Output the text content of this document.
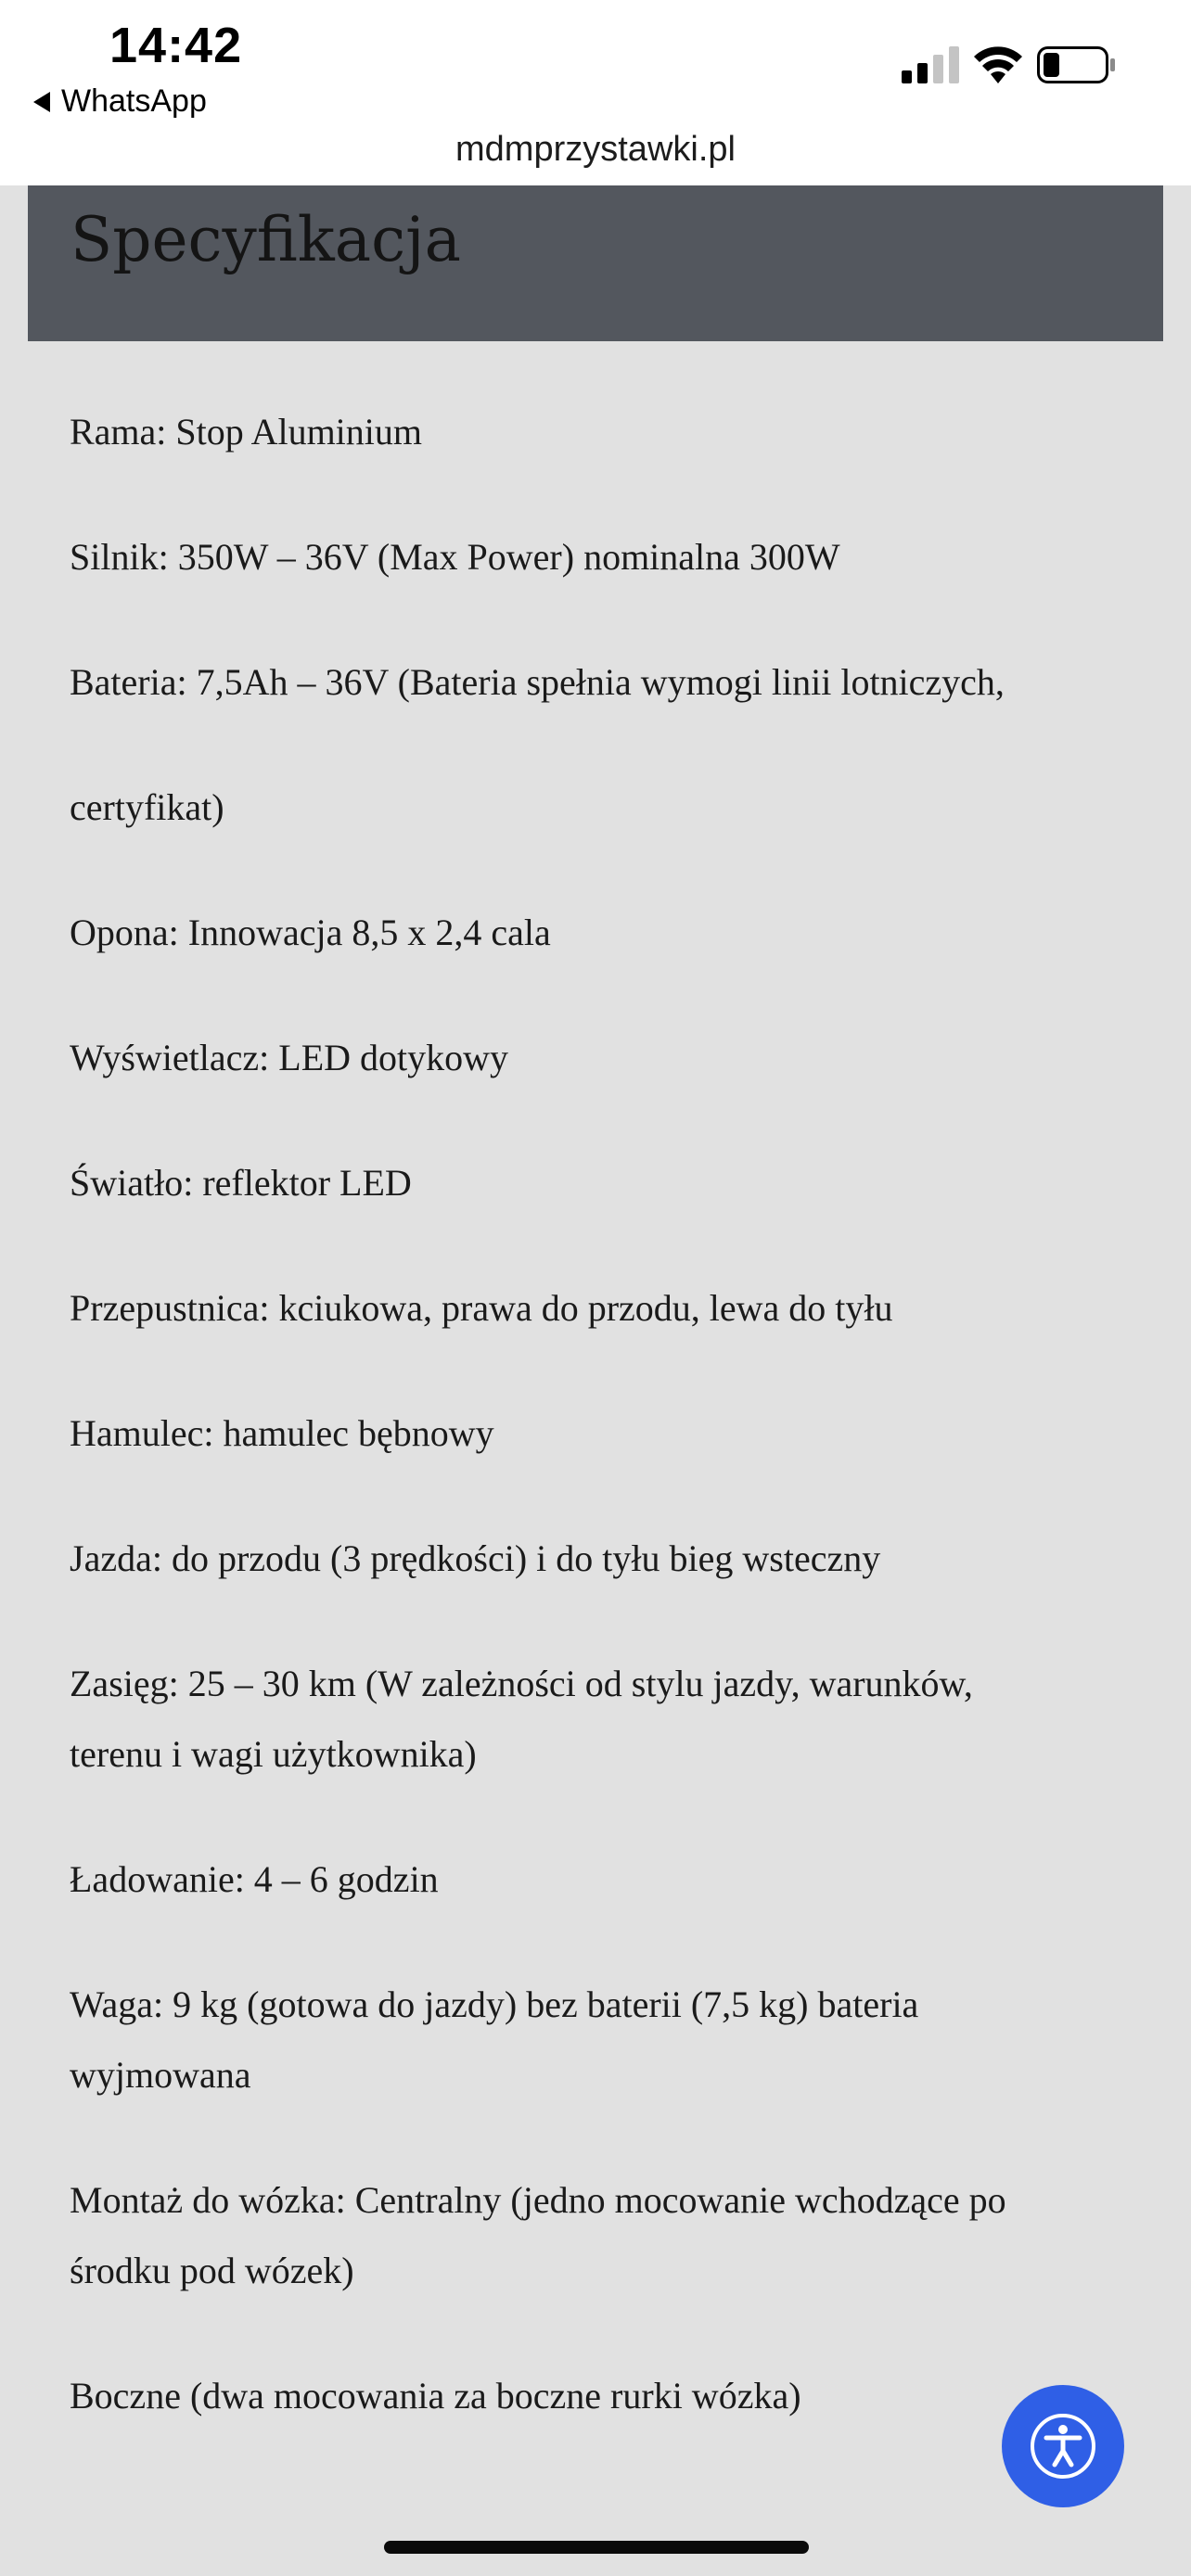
14:42
WhatsApp
mdmprzystawki.pl
Specyfikacja
Rama: Stop Aluminium
Silnik: 350W – 36V (Max Power) nominalna 300W
Bateria: 7,5Ah – 36V (Bateria spełnia wymogi linii lotniczych,
certyfikat)
Opona: Innowacja 8,5 x 2,4 cala
Wyświetlacz: LED dotykowy
Światło: reflektor LED
Przepustnica: kciukowa, prawa do przodu, lewa do tyłu
Hamulec: hamulec bębnowy
Jazda: do przodu (3 prędkości) i do tyłu bieg wsteczny
Zasięg: 25 – 30 km (W zależności od stylu jazdy, warunków,
terenu i wagi użytkownika)
Ładowanie: 4 – 6 godzin
Waga: 9 kg (gotowa do jazdy) bez baterii (7,5 kg) bateria
wyjmowana
Montaż do wózka: Centralny (jedno mocowanie wchodzące po
środku pod wózek)
Boczne (dwa mocowania za boczne rurki wózka)
